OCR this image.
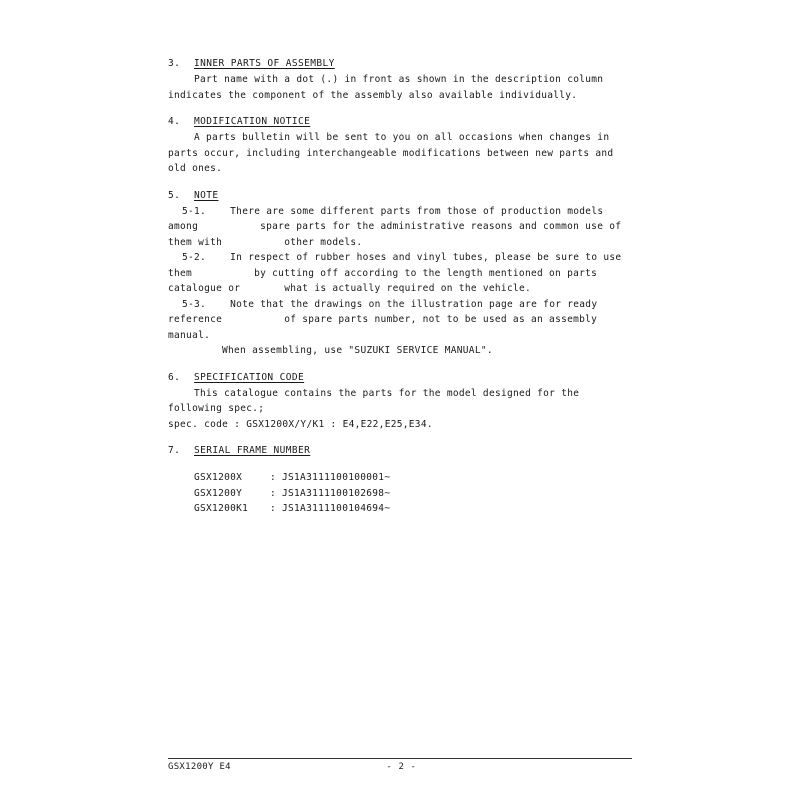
3.	INNER PARTS OF ASSEMBLY
Part name with a dot (.) in front as shown in the description column
indicates the component of the assembly also available individually.
4.	MODIFICATION NOTICE
A parts bulletin will be sent to you on all occasions when changes in
parts occur, including interchangeable modifications between new parts and
old ones.
5.	NOTE
5-1.    There are some different parts from those of production models
among	spare parts for the administrative reasons and common use of
them with	other models.
5-2.    In respect of rubber hoses and vinyl tubes, please be sure to use
them	by cutting off according to the length mentioned on parts
catalogue or	what is actually required on the vehicle.
5-3.    Note that the drawings on the illustration page are for ready
reference	of spare parts number, not to be used as an assembly
manual.
When assembling, use "SUZUKI SERVICE MANUAL".
6.	SPECIFICATION CODE
This catalogue contains the parts for the model designed for the
following spec.;
spec. code : GSX1200X/Y/K1 : E4,E22,E25,E34.
7.	SERIAL FRAME NUMBER
GSX1200X	: JS1A3111100100001~
GSX1200Y	: JS1A3111100102698~
GSX1200K1	: JS1A3111100104694~
GSX1200Y E4	- 2 -
